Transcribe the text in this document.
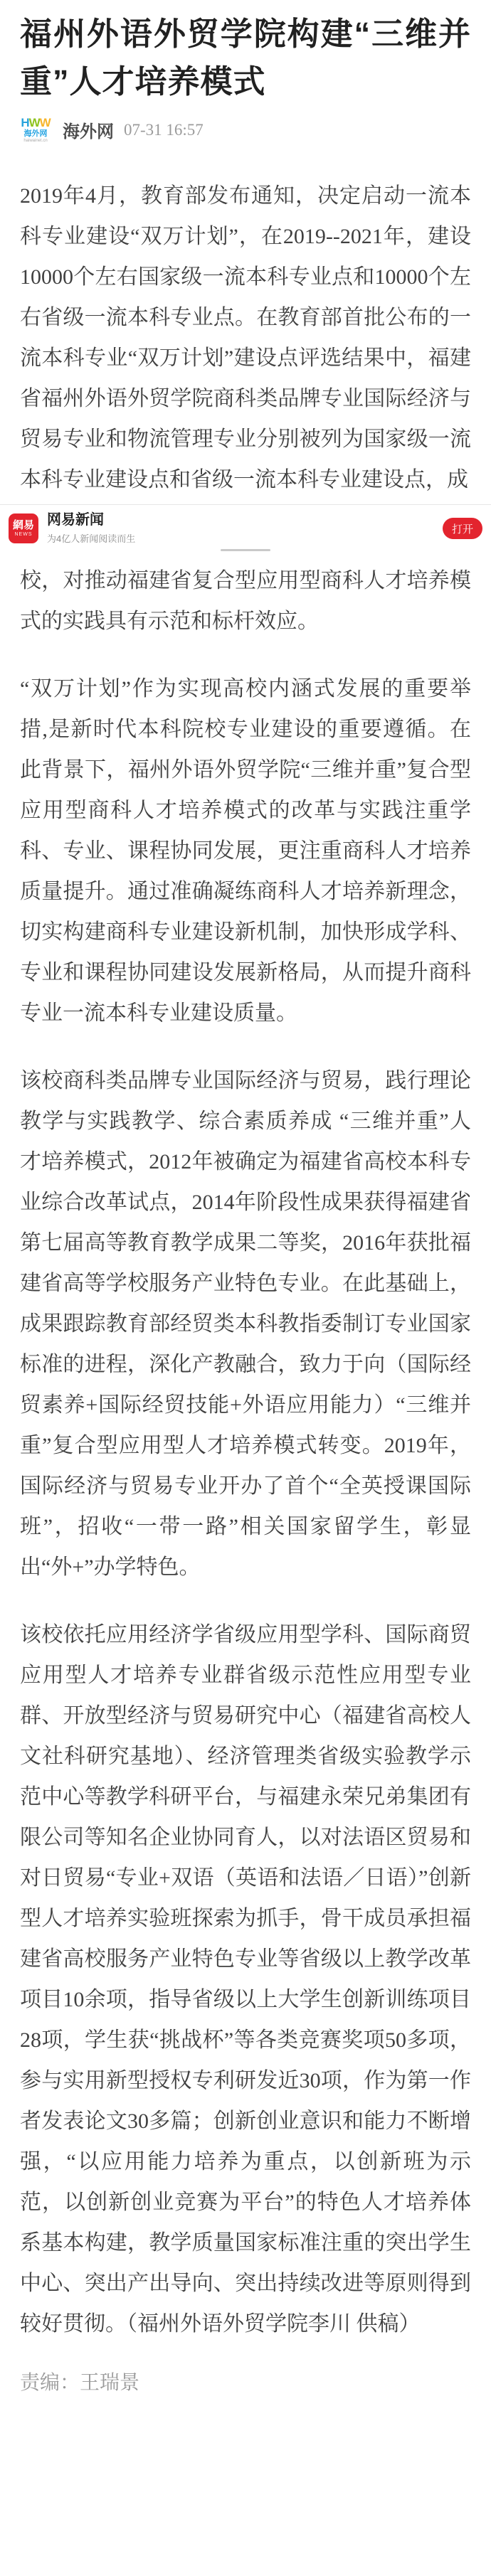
福州外语外贸学院构建“三维并重”人才培养模式
HWW
海外网
haiwainet.cn 海外网 07-31 16:57

2019年4月，教育部发布通知，决定启动一流本科专业建设“双万计划”，在2019--2021年，建设10000个左右国家级一流本科专业点和10000个左右省级一流本科专业点。在教育部首批公布的一流本科专业“双万计划”建设点评选结果中，福建省福州外语外贸学院商科类品牌专业国际经济与贸易专业和物流管理专业分别被列为国家级一流本科专业建设点和省级一流本科专业建设点，成

網易
NEWS
网易新闻
为4亿人新闻阅读而生
打开

校，对推动福建省复合型应用型商科人才培养模式的实践具有示范和标杆效应。

“双万计划”作为实现高校内涵式发展的重要举措,是新时代本科院校专业建设的重要遵循。在此背景下，福州外语外贸学院“三维并重”复合型应用型商科人才培养模式的改革与实践注重学科、专业、课程协同发展，更注重商科人才培养质量提升。通过准确凝练商科人才培养新理念，切实构建商科专业建设新机制，加快形成学科、专业和课程协同建设发展新格局，从而提升商科专业一流本科专业建设质量。

该校商科类品牌专业国际经济与贸易，践行理论教学与实践教学、综合素质养成 “三维并重”人才培养模式，2012年被确定为福建省高校本科专业综合改革试点，2014年阶段性成果获得福建省第七届高等教育教学成果二等奖，2016年获批福建省高等学校服务产业特色专业。在此基础上，成果跟踪教育部经贸类本科教指委制订专业国家标准的进程，深化产教融合，致力于向（国际经贸素养+国际经贸技能+外语应用能力）“三维并重”复合型应用型人才培养模式转变。2019年，国际经济与贸易专业开办了首个“全英授课国际班”，招收“一带一路”相关国家留学生，彰显出“外+”办学特色。

该校依托应用经济学省级应用型学科、国际商贸应用型人才培养专业群省级示范性应用型专业群、开放型经济与贸易研究中心（福建省高校人文社科研究基地）、经济管理类省级实验教学示范中心等教学科研平台，与福建永荣兄弟集团有限公司等知名企业协同育人，以对法语区贸易和对日贸易“专业+双语（英语和法语／日语）”创新型人才培养实验班探索为抓手，骨干成员承担福建省高校服务产业特色专业等省级以上教学改革项目10余项，指导省级以上大学生创新训练项目28项，学生获“挑战杯”等各类竞赛奖项50多项，参与实用新型授权专利研发近30项，作为第一作者发表论文30多篇；创新创业意识和能力不断增强，“以应用能力培养为重点，以创新班为示范，以创新创业竞赛为平台”的特色人才培养体系基本构建，教学质量国家标准注重的突出学生中心、突出产出导向、突出持续改进等原则得到较好贯彻。（福州外语外贸学院李川 供稿）

责编：王瑞景
